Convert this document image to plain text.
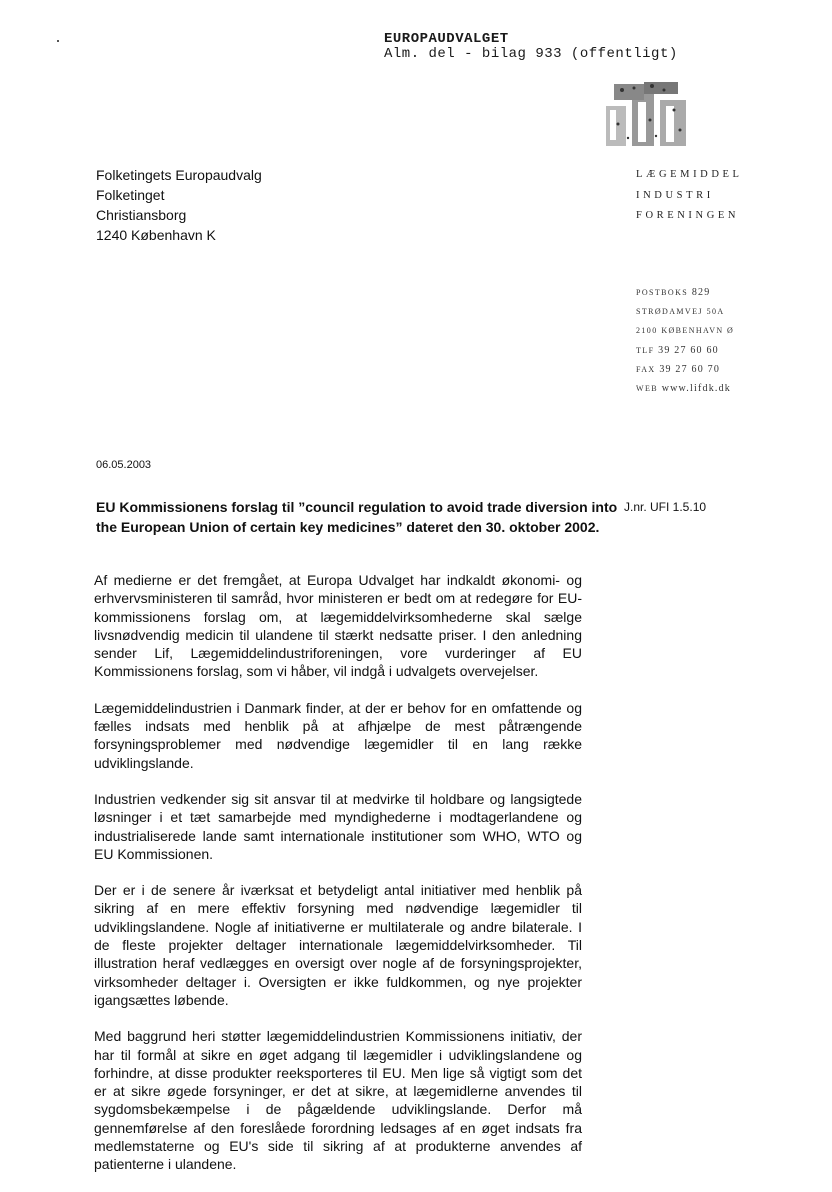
EUROPAUDVALGET
Alm. del - bilag 933 (offentligt)
LÆGEMIDDEL
INDUSTRI
FORENINGEN
POSTBOKS 829
STRØDAMVEJ 50A
2100 KØBENHAVN Ø
TLF 39 27 60 60
FAX 39 27 60 70
WEB www.lifdk.dk
Folketingets Europaudvalg
Folketinget
Christiansborg
1240 København K
06.05.2003
EU Kommissionens forslag til ”council regulation to avoid trade diversion into the European Union of certain key medicines” dateret den 30. oktober 2002.
J.nr. UFI 1.5.10

Af medierne er det fremgået, at Europa Udvalget har indkaldt økonomi- og erhvervsministeren til samråd, hvor ministeren er bedt om at redegøre for EU-kommissionens forslag om, at lægemiddelvirksomhederne skal sælge livsnødvendig medicin til ulandene til stærkt nedsatte priser. I den anledning sender Lif, Lægemiddelindustriforeningen, vore vurderinger af EU Kommissionens forslag, som vi håber, vil indgå i udvalgets overvejelser.

Lægemiddelindustrien i Danmark finder, at der er behov for en omfattende og fælles indsats med henblik på at afhjælpe de mest påtrængende forsyningsproblemer med nødvendige lægemidler til en lang række udviklingslande.

Industrien vedkender sig sit ansvar til at medvirke til holdbare og langsigtede løsninger i et tæt samarbejde med myndighederne i modtagerlandene og industrialiserede lande samt internationale institutioner som WHO, WTO og EU Kommissionen.

Der er i de senere år iværksat et betydeligt antal initiativer med henblik på sikring af en mere effektiv forsyning med nødvendige lægemidler til udviklingslandene. Nogle af initiativerne er multilaterale og andre bilaterale. I de fleste projekter deltager internationale lægemiddelvirksomheder. Til illustration heraf vedlægges en oversigt over nogle af de forsyningsprojekter, virksomheder deltager i. Oversigten er ikke fuldkommen, og nye projekter igangsættes løbende.

Med baggrund heri støtter lægemiddelindustrien Kommissionens initiativ, der har til formål at sikre en øget adgang til lægemidler i udviklingslandene og forhindre, at disse produkter reeksporteres til EU. Men lige så vigtigt som det er at sikre øgede forsyninger, er det at sikre, at lægemidlerne anvendes til sygdomsbekæmpelse i de pågældende udviklingslande. Derfor må gennemførelse af den foreslåede forordning ledsages af en øget indsats fra medlemstaterne og EU's side til sikring af at produkterne anvendes af patienterne i ulandene.
